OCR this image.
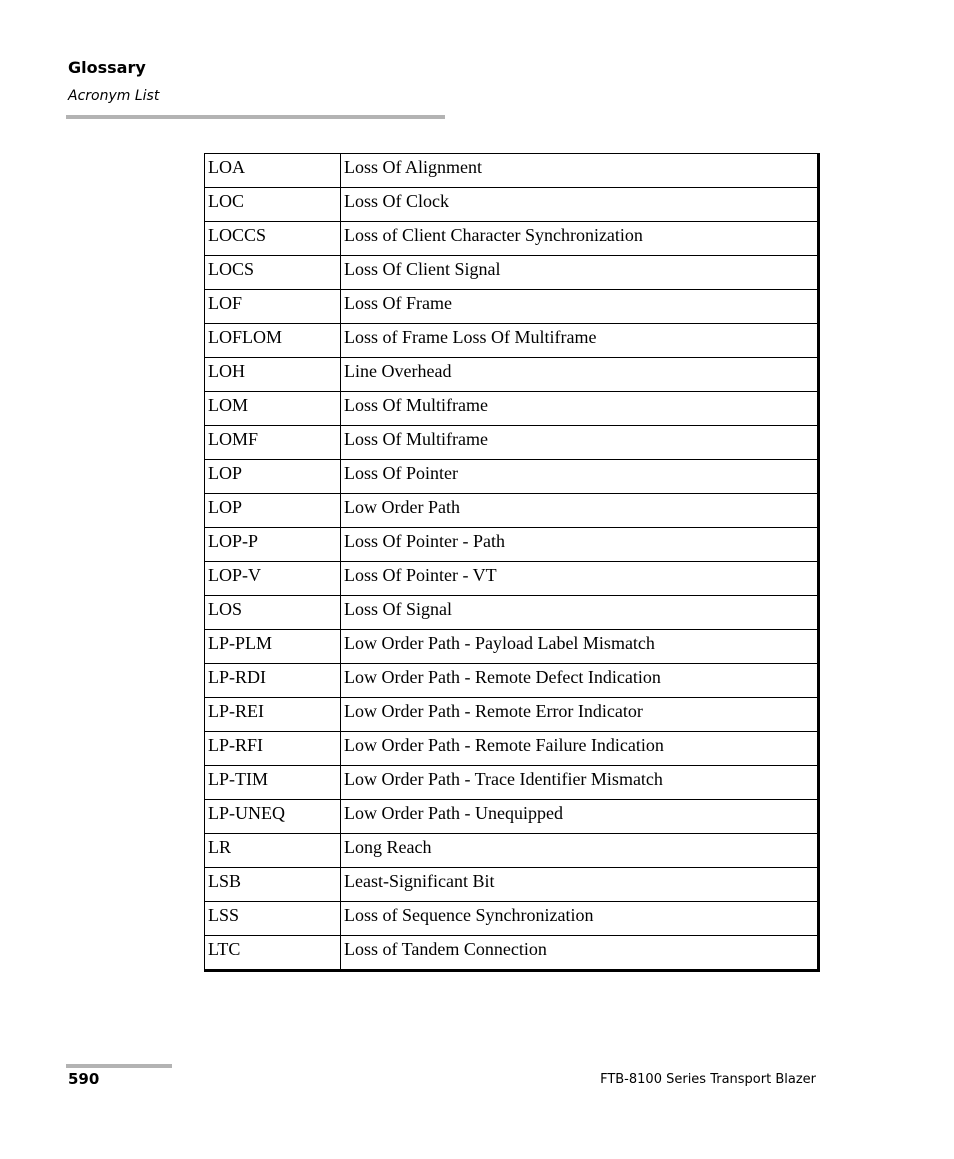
Glossary
Acronym List
LOA	Loss Of Alignment
LOC	Loss Of Clock
LOCCS	Loss of Client Character Synchronization
LOCS	Loss Of Client Signal
LOF	Loss Of Frame
LOFLOM	Loss of Frame Loss Of Multiframe
LOH	Line Overhead
LOM	Loss Of Multiframe
LOMF	Loss Of Multiframe
LOP	Loss Of Pointer
LOP	Low Order Path
LOP-P	Loss Of Pointer - Path
LOP-V	Loss Of Pointer - VT
LOS	Loss Of Signal
LP-PLM	Low Order Path - Payload Label Mismatch
LP-RDI	Low Order Path - Remote Defect Indication
LP-REI	Low Order Path - Remote Error Indicator
LP-RFI	Low Order Path - Remote Failure Indication
LP-TIM	Low Order Path - Trace Identifier Mismatch
LP-UNEQ	Low Order Path - Unequipped
LR	Long Reach
LSB	Least-Significant Bit
LSS	Loss of Sequence Synchronization
LTC	Loss of Tandem Connection
590	FTB-8100 Series Transport Blazer
